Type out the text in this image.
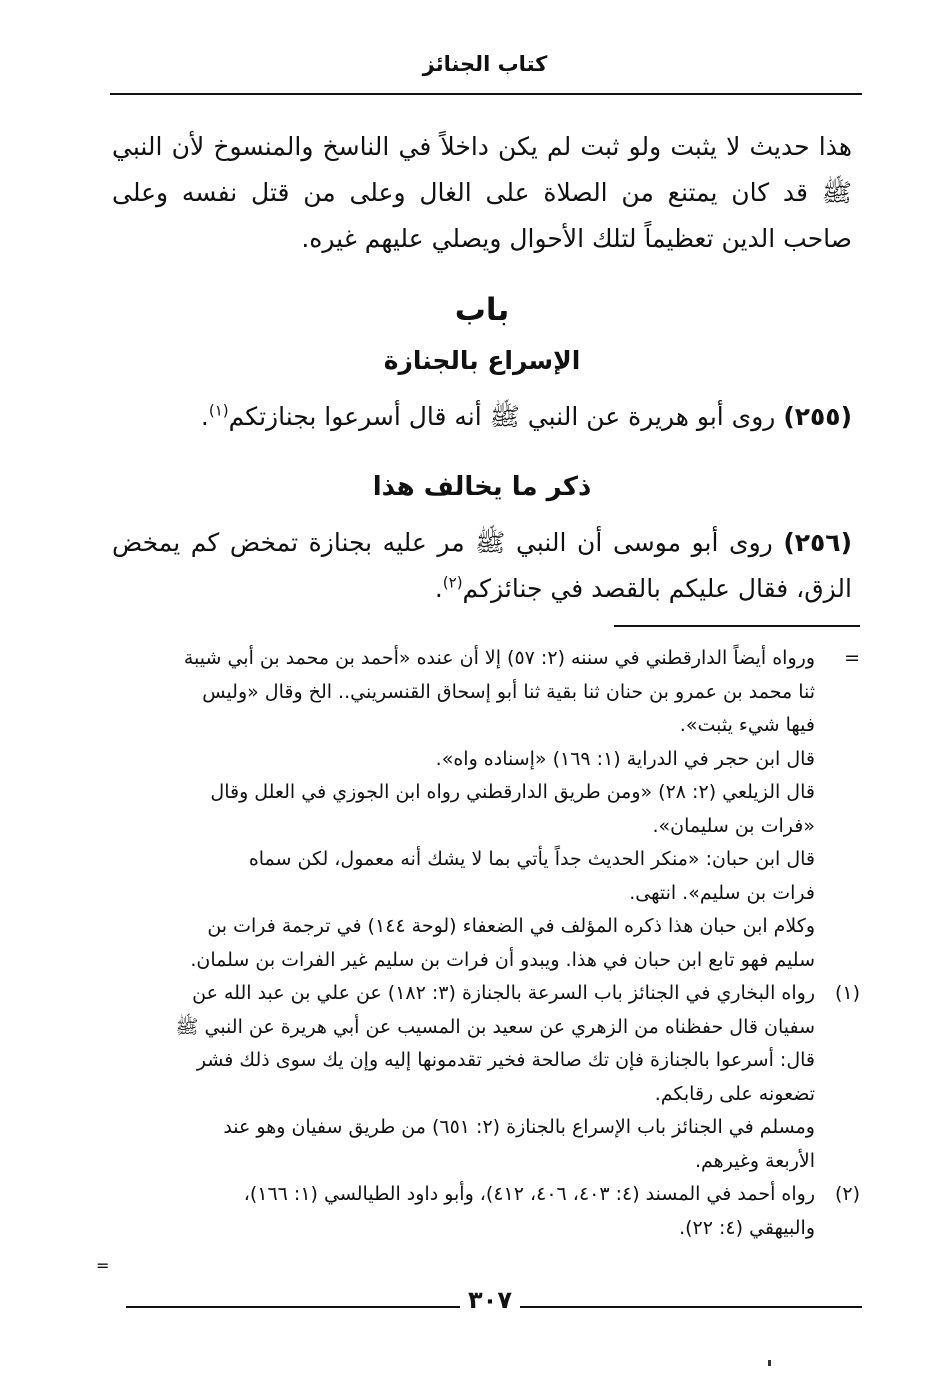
كتاب الجنائز
هذا حديث لا يثبت ولو ثبت لم يكن داخلاً في الناسخ والمنسوخ لأن النبي ﷺ قد كان يمتنع من الصلاة على الغال وعلى من قتل نفسه وعلى صاحب الدين تعظيماً لتلك الأحوال ويصلي عليهم غيره.
باب
الإسراع بالجنازة
(٢٥٥) روى أبو هريرة عن النبي ﷺ أنه قال أسرعوا بجنازتكم$^{(١)}$.
ذكر ما يخالف هذا
(٢٥٦) روى أبو موسى أن النبي ﷺ مر عليه بجنازة تمخض كم يمخض الزق، فقال عليكم بالقصد في جنائزكم$^{(٢)}$.
=
ورواه أيضاً الدارقطني في سننه (٢: ٥٧) إلا أن عنده «أحمد بن محمد بن أبي شيبة
ثنا محمد بن عمرو بن حنان ثنا بقية ثنا أبو إسحاق القنسريني.. الخ وقال «وليس
فيها شيء يثبت».
قال ابن حجر في الدراية (١: ١٦٩) «إسناده واه».
قال الزيلعي (٢: ٢٨) «ومن طريق الدارقطني رواه ابن الجوزي في العلل وقال
«فرات بن سليمان».
قال ابن حبان: «منكر الحديث جداً يأتي بما لا يشك أنه معمول، لكن سماه
فرات بن سليم». انتهى.
وكلام ابن حبان هذا ذكره المؤلف في الضعفاء (لوحة ١٤٤) في ترجمة فرات بن
سليم فهو تابع ابن حبان في هذا. ويبدو أن فرات بن سليم غير الفرات بن سلمان.
(١)
رواه البخاري في الجنائز باب السرعة بالجنازة (٣: ١٨٢) عن علي بن عبد الله عن
سفيان قال حفظناه من الزهري عن سعيد بن المسيب عن أبي هريرة عن النبي ﷺ
قال: أسرعوا بالجنازة فإن تك صالحة فخير تقدمونها إليه وإن يك سوى ذلك فشر
تضعونه على رقابكم.
ومسلم في الجنائز باب الإسراع بالجنازة (٢: ٦٥١) من طريق سفيان وهو عند
الأربعة وغيرهم.
(٢)
رواه أحمد في المسند (٤: ٤٠٣، ٤٠٦، ٤١٢)، وأبو داود الطيالسي (١: ١٦٦)،
والبيهقي (٤: ٢٢).
=
٣٠٧
